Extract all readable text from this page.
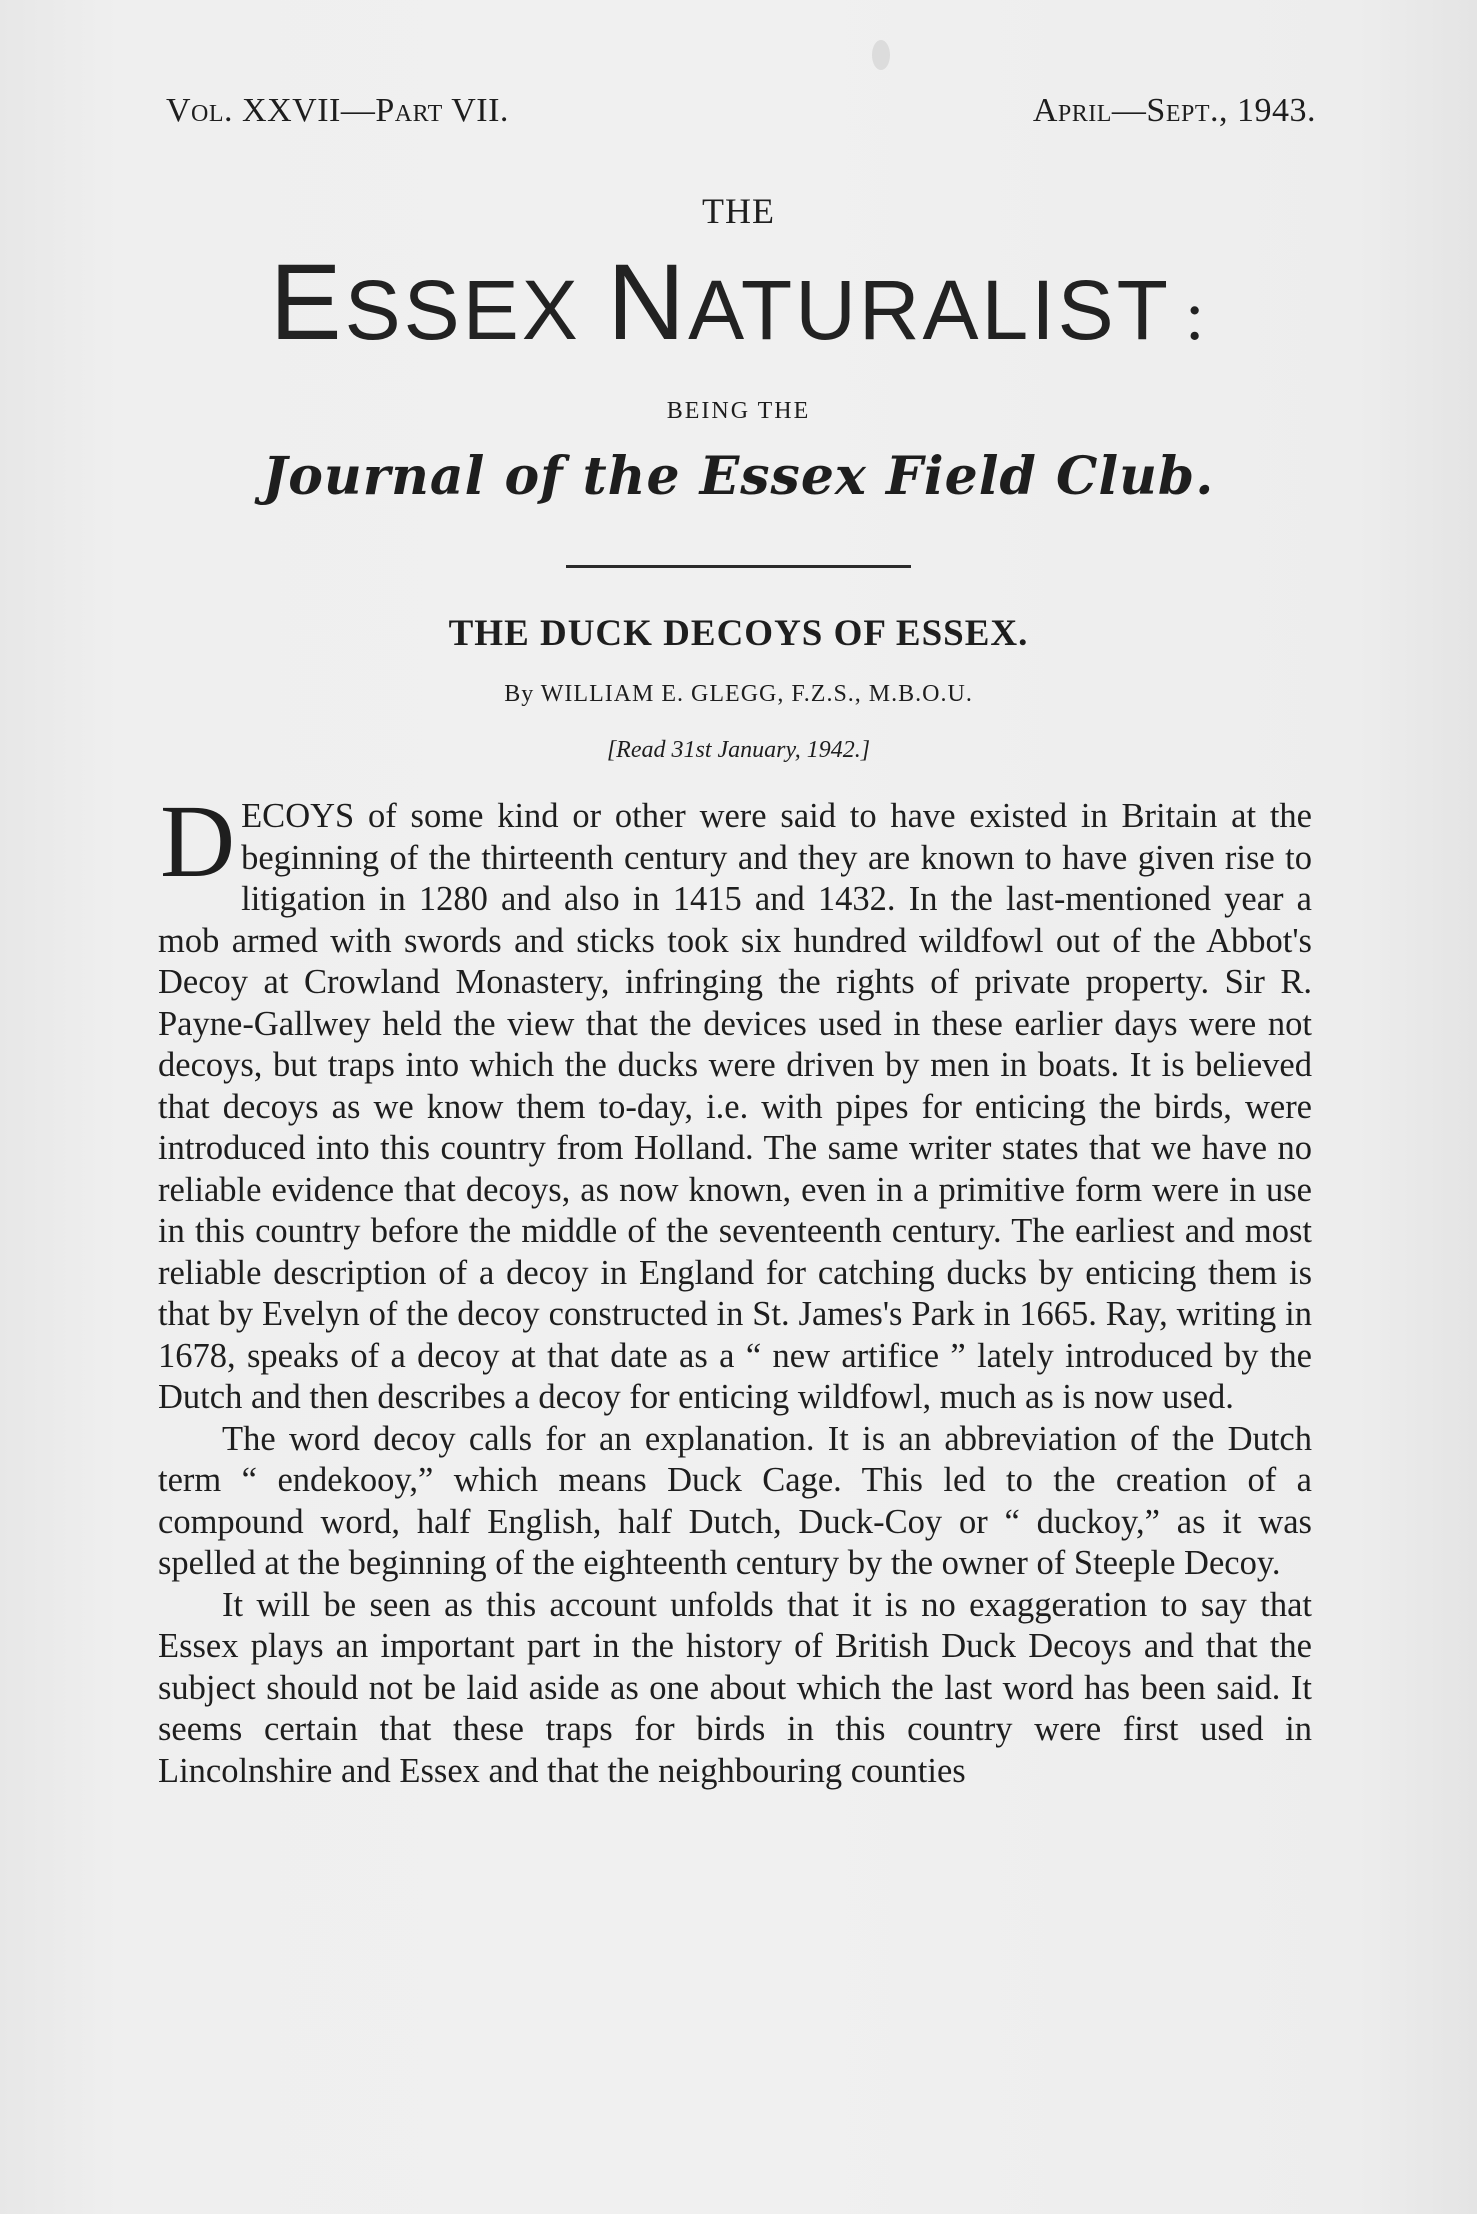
Vol. XXVII—Part VII.	April—Sept., 1943.
THE
ESSEX NATURALIST :
BEING THE
Journal of the Essex Field Club.
THE DUCK DECOYS OF ESSEX.
By WILLIAM E. GLEGG, F.Z.S., M.B.O.U.
[Read 31st January, 1942.]

DECOYS of some kind or other were said to have existed in Britain at the beginning of the thirteenth century and they are known to have given rise to litigation in 1280 and also in 1415 and 1432. In the last-mentioned year a mob armed with swords and sticks took six hundred wildfowl out of the Abbot's Decoy at Crowland Monastery, infringing the rights of private property. Sir R. Payne-Gallwey held the view that the devices used in these earlier days were not decoys, but traps into which the ducks were driven by men in boats. It is believed that decoys as we know them to-day, i.e. with pipes for enticing the birds, were introduced into this country from Holland. The same writer states that we have no reliable evidence that decoys, as now known, even in a primitive form were in use in this country before the middle of the seventeenth century. The earliest and most reliable description of a decoy in England for catching ducks by enticing them is that by Evelyn of the decoy constructed in St. James's Park in 1665. Ray, writing in 1678, speaks of a decoy at that date as a “ new artifice ” lately introduced by the Dutch and then describes a decoy for enticing wildfowl, much as is now used.

The word decoy calls for an explanation. It is an abbreviation of the Dutch term “ endekooy,” which means Duck Cage. This led to the creation of a compound word, half English, half Dutch, Duck-Coy or “ duckoy,” as it was spelled at the beginning of the eighteenth century by the owner of Steeple Decoy.

It will be seen as this account unfolds that it is no exaggeration to say that Essex plays an important part in the history of British Duck Decoys and that the subject should not be laid aside as one about which the last word has been said. It seems certain that these traps for birds in this country were first used in Lincolnshire and Essex and that the neighbouring counties
